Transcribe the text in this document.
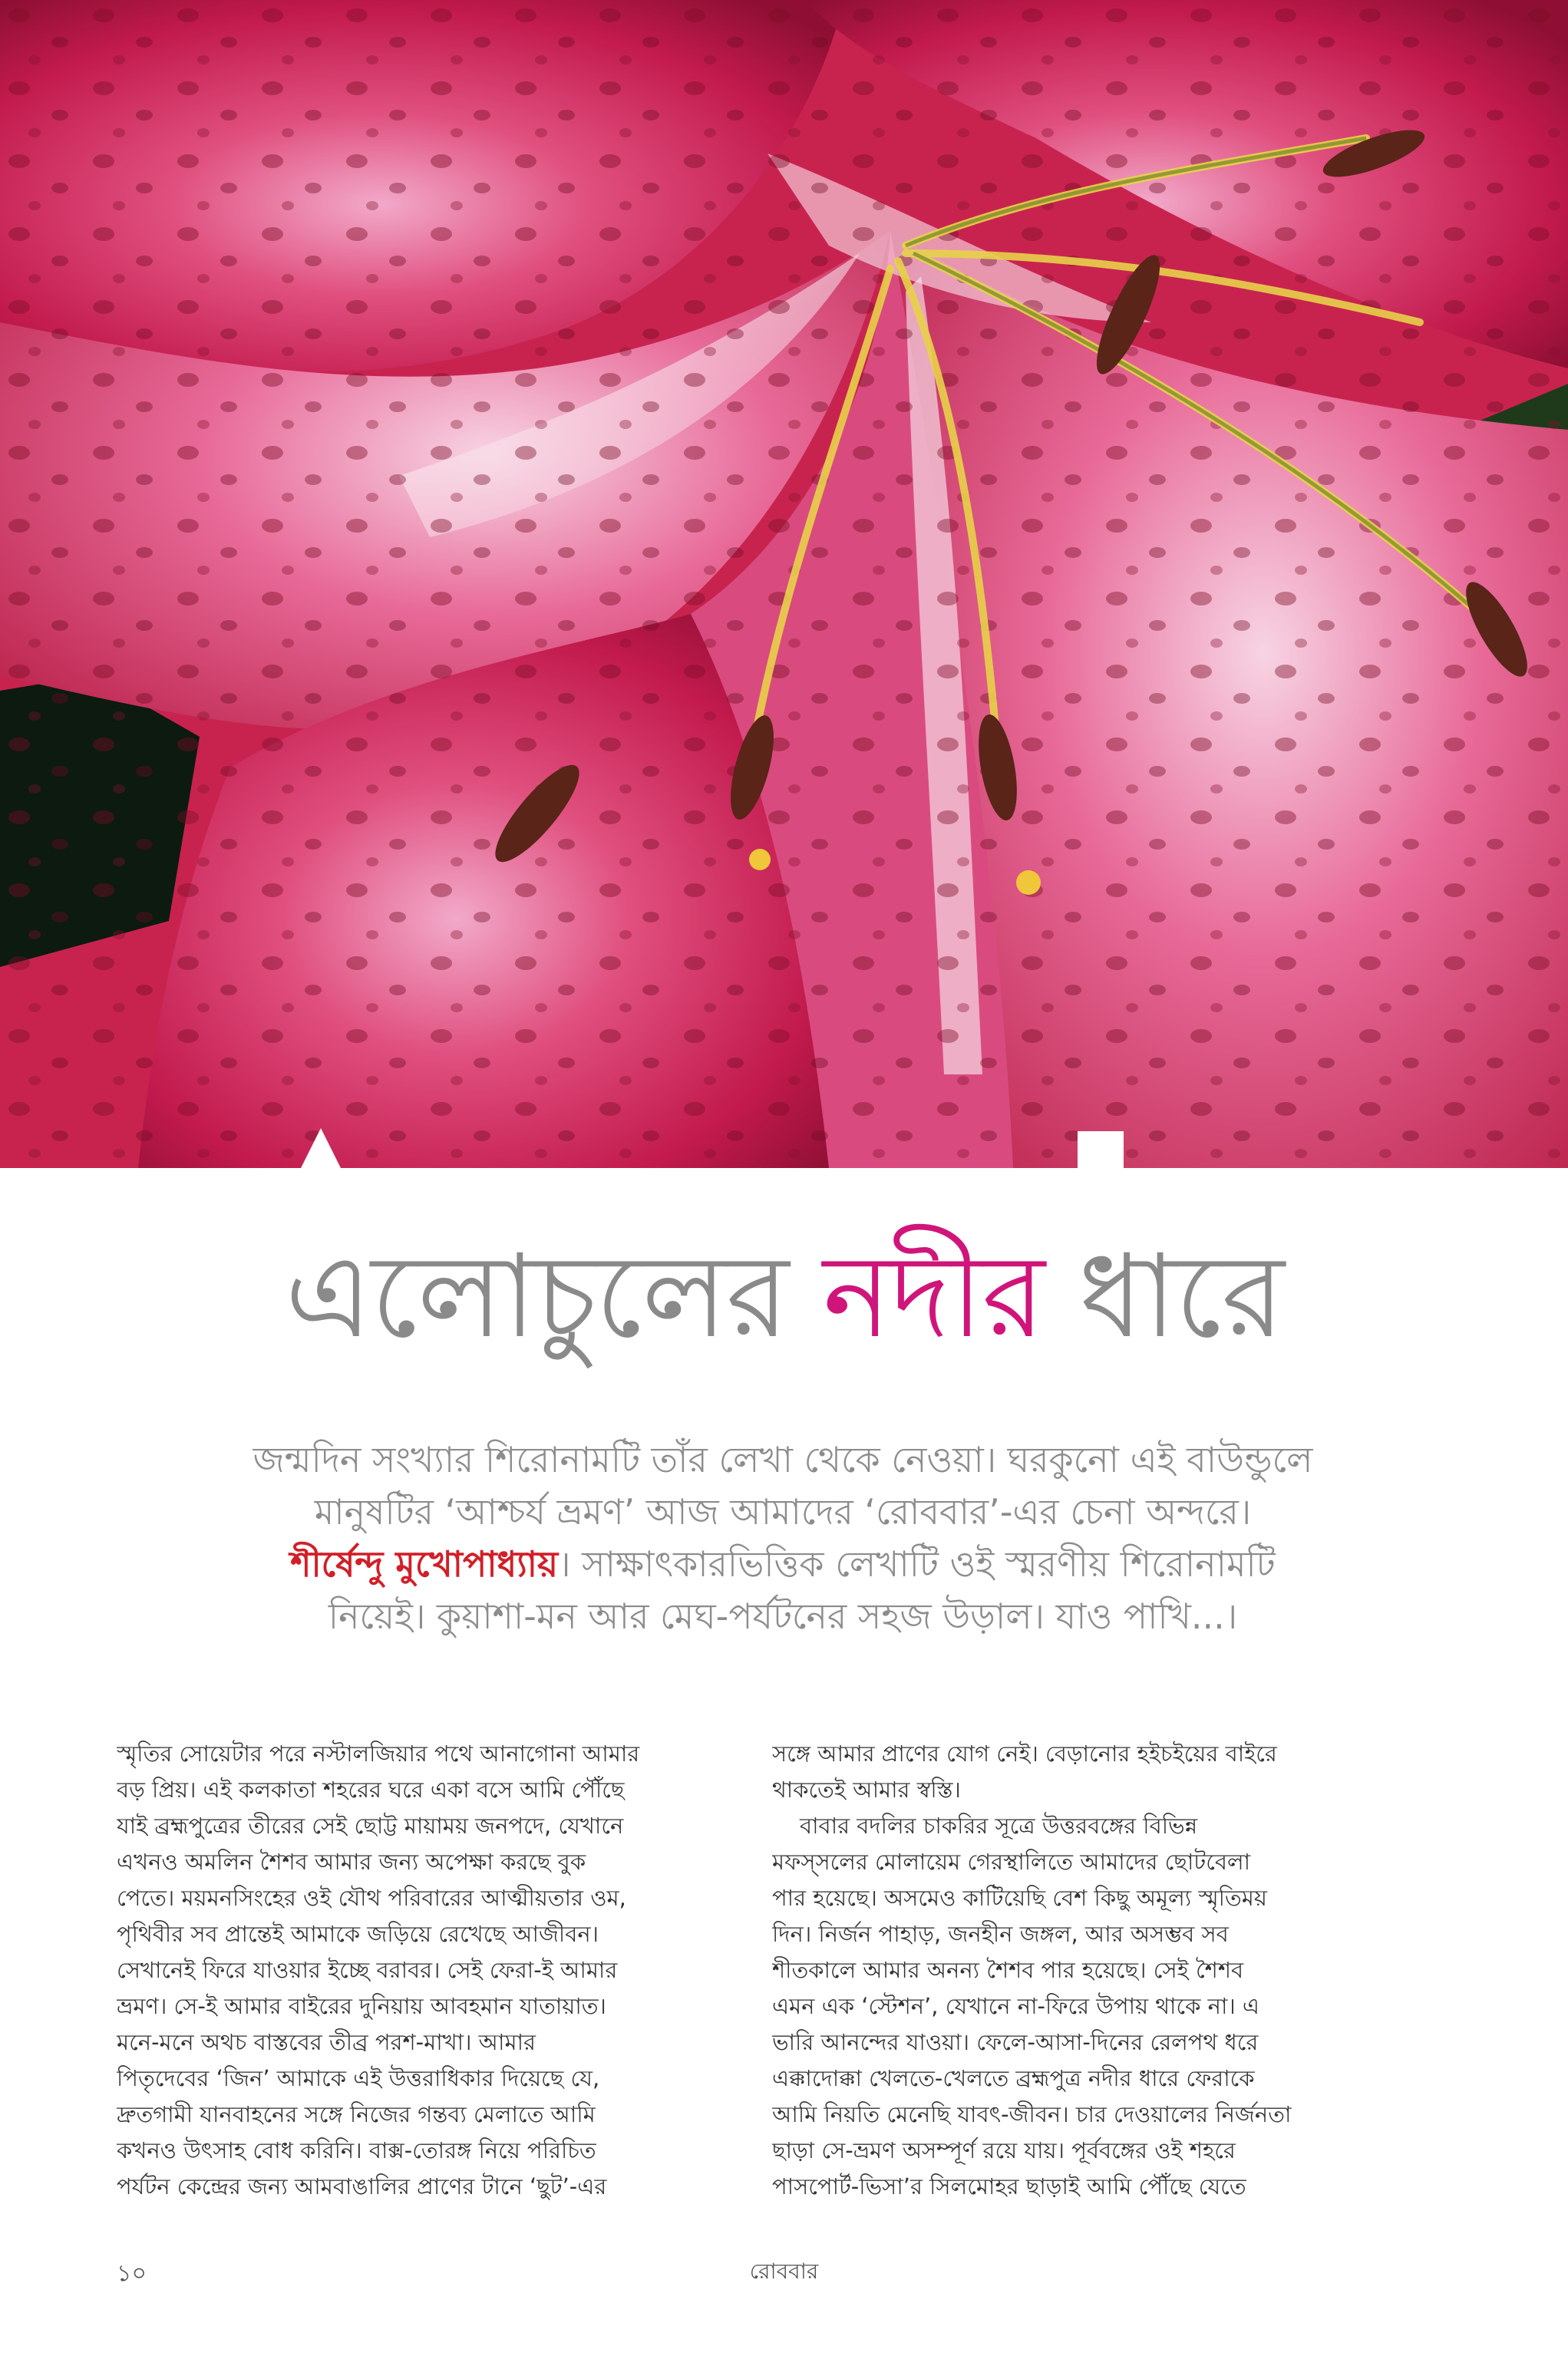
এলোচুলের নদীর ধারে
জন্মদিন সংখ্যার শিরোনামটি তাঁর লেখা থেকে নেওয়া। ঘরকুনো এই বাউন্ডুলে
মানুষটির ‘আশ্চর্য ভ্রমণ’ আজ আমাদের ‘রোববার’-এর চেনা অন্দরে।
শীর্ষেন্দু মুখোপাধ্যায়। সাক্ষাৎকারভিত্তিক লেখাটি ওই স্মরণীয় শিরোনামটি
নিয়েই। কুয়াশা-মন আর মেঘ-পর্যটনের সহজ উড়াল। যাও পাখি...।
স্মৃতির সোয়েটার পরে নস্টালজিয়ার পথে আনাগোনা আমার
বড় প্রিয়। এই কলকাতা শহরের ঘরে একা বসে আমি পৌঁছে
যাই ব্রহ্মপুত্রের তীরের সেই ছোট্ট মায়াময় জনপদে, যেখানে
এখনও অমলিন শৈশব আমার জন্য অপেক্ষা করছে বুক
পেতে। ময়মনসিংহের ওই যৌথ পরিবারের আত্মীয়তার ওম,
পৃথিবীর সব প্রান্তেই আমাকে জড়িয়ে রেখেছে আজীবন।
সেখানেই ফিরে যাওয়ার ইচ্ছে বরাবর। সেই ফেরা-ই আমার
ভ্রমণ। সে-ই আমার বাইরের দুনিয়ায় আবহমান যাতায়াত।
মনে-মনে অথচ বাস্তবের তীব্র পরশ-মাখা। আমার
পিতৃদেবের ‘জিন’ আমাকে এই উত্তরাধিকার দিয়েছে যে,
দ্রুতগামী যানবাহনের সঙ্গে নিজের গন্তব্য মেলাতে আমি
কখনও উৎসাহ বোধ করিনি। বাক্স-তোরঙ্গ নিয়ে পরিচিত
পর্যটন কেন্দ্রের জন্য আমবাঙালির প্রাণের টানে ‘ছুট’-এর
সঙ্গে আমার প্রাণের যোগ নেই। বেড়ানোর হইচইয়ের বাইরে
থাকতেই আমার স্বস্তি।
বাবার বদলির চাকরির সূত্রে উত্তরবঙ্গের বিভিন্ন
মফস্‌সলের মোলায়েম গেরস্থালিতে আমাদের ছোটবেলা
পার হয়েছে। অসমেও কাটিয়েছি বেশ কিছু অমূল্য স্মৃতিময়
দিন। নির্জন পাহাড়, জনহীন জঙ্গল, আর অসম্ভব সব
শীতকালে আমার অনন্য শৈশব পার হয়েছে। সেই শৈশব
এমন এক ‘স্টেশন’, যেখানে না-ফিরে উপায় থাকে না। এ
ভারি আনন্দের যাওয়া। ফেলে-আসা-দিনের রেলপথ ধরে
এক্কাদোক্কা খেলতে-খেলতে ব্রহ্মপুত্র নদীর ধারে ফেরাকে
আমি নিয়তি মেনেছি যাবৎ-জীবন। চার দেওয়ালের নির্জনতা
ছাড়া সে-ভ্রমণ অসম্পূর্ণ রয়ে যায়। পূর্ববঙ্গের ওই শহরে
পাসপোর্ট-ভিসা’র সিলমোহর ছাড়াই আমি পৌঁছে যেতে
১০	রোববার
